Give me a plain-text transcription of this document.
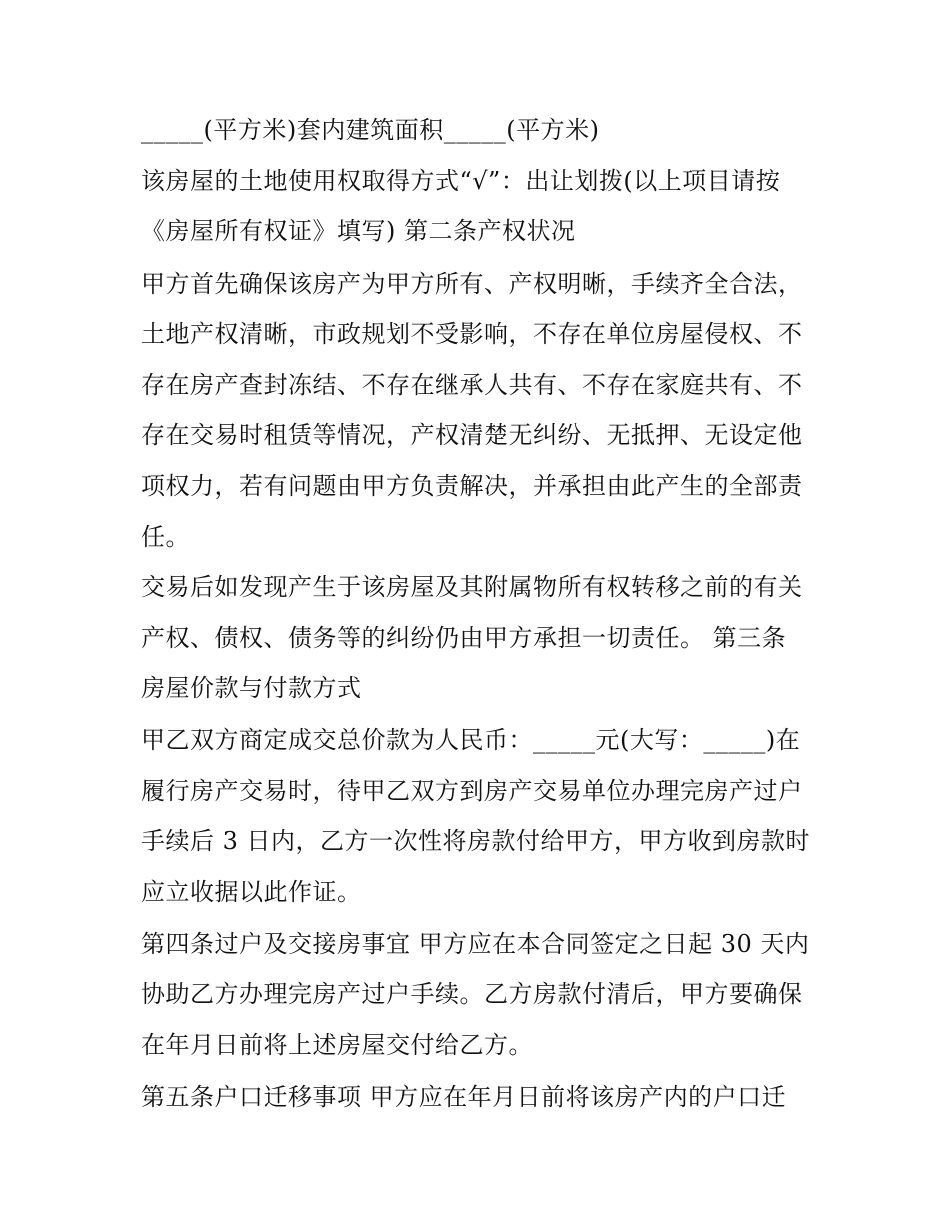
_____(平方米)套内建筑面积_____(平方米)
该房屋的土地使用权取得方式“√”：出让划拨(以上项目请按
《房屋所有权证》填写) 第二条产权状况
甲方首先确保该房产为甲方所有、产权明晰，手续齐全合法，
土地产权清晰，市政规划不受影响，不存在单位房屋侵权、不
存在房产查封冻结、不存在继承人共有、不存在家庭共有、不
存在交易时租赁等情况，产权清楚无纠纷、无抵押、无设定他
项权力，若有问题由甲方负责解决，并承担由此产生的全部责
任。
交易后如发现产生于该房屋及其附属物所有权转移之前的有关
产权、债权、债务等的纠纷仍由甲方承担一切责任。 第三条
房屋价款与付款方式
甲乙双方商定成交总价款为人民币：_____元(大写：_____)在
履行房产交易时，待甲乙双方到房产交易单位办理完房产过户
手续后 3 日内，乙方一次性将房款付给甲方，甲方收到房款时
应立收据以此作证。
第四条过户及交接房事宜 甲方应在本合同签定之日起 30 天内
协助乙方办理完房产过户手续。乙方房款付清后，甲方要确保
在年月日前将上述房屋交付给乙方。
第五条户口迁移事项 甲方应在年月日前将该房产内的户口迁
